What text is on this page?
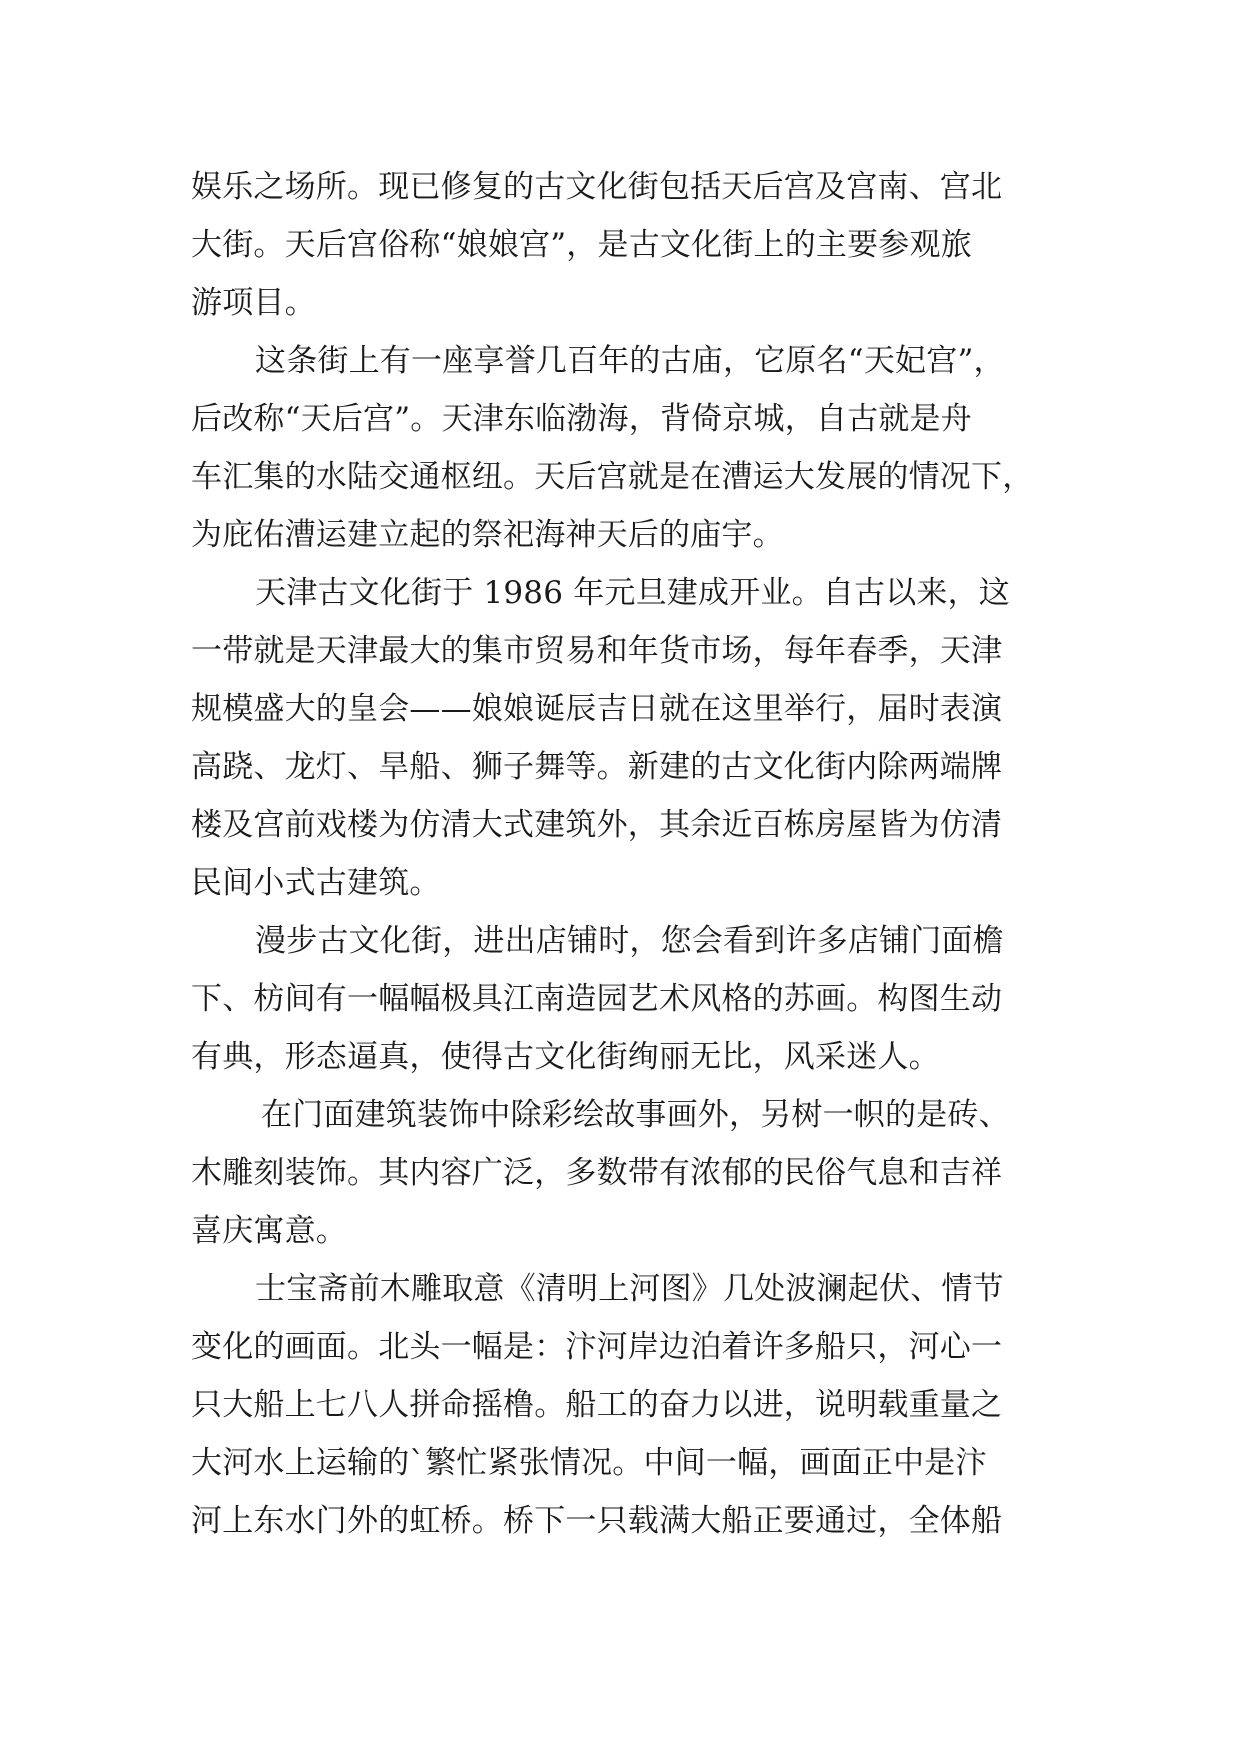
娱乐之场所。现已修复的古文化街包括天后宫及宫南、宫北
大街。天后宫俗称“娘娘宫”，是古文化街上的主要参观旅
游项目。
这条街上有一座享誉几百年的古庙，它原名“天妃宫”，
后改称“天后宫”。天津东临渤海，背倚京城，自古就是舟
车汇集的水陆交通枢纽。天后宫就是在漕运大发展的情况下，
为庇佑漕运建立起的祭祀海神天后的庙宇。
天津古文化街于 1986 年元旦建成开业。自古以来，这
一带就是天津最大的集市贸易和年货市场，每年春季，天津
规模盛大的皇会——娘娘诞辰吉日就在这里举行，届时表演
高跷、龙灯、旱船、狮子舞等。新建的古文化街内除两端牌
楼及宫前戏楼为仿清大式建筑外，其余近百栋房屋皆为仿清
民间小式古建筑。
漫步古文化街，进出店铺时，您会看到许多店铺门面檐
下、枋间有一幅幅极具江南造园艺术风格的苏画。构图生动
有典，形态逼真，使得古文化街绚丽无比，风采迷人。
在门面建筑装饰中除彩绘故事画外，另树一帜的是砖、
木雕刻装饰。其内容广泛，多数带有浓郁的民俗气息和吉祥
喜庆寓意。
士宝斋前木雕取意《清明上河图》几处波澜起伏、情节
变化的画面。北头一幅是：汴河岸边泊着许多船只，河心一
只大船上七八人拼命摇橹。船工的奋力以进，说明载重量之
大河水上运输的`繁忙紧张情况。中间一幅，画面正中是汴
河上东水门外的虹桥。桥下一只载满大船正要通过，全体船
